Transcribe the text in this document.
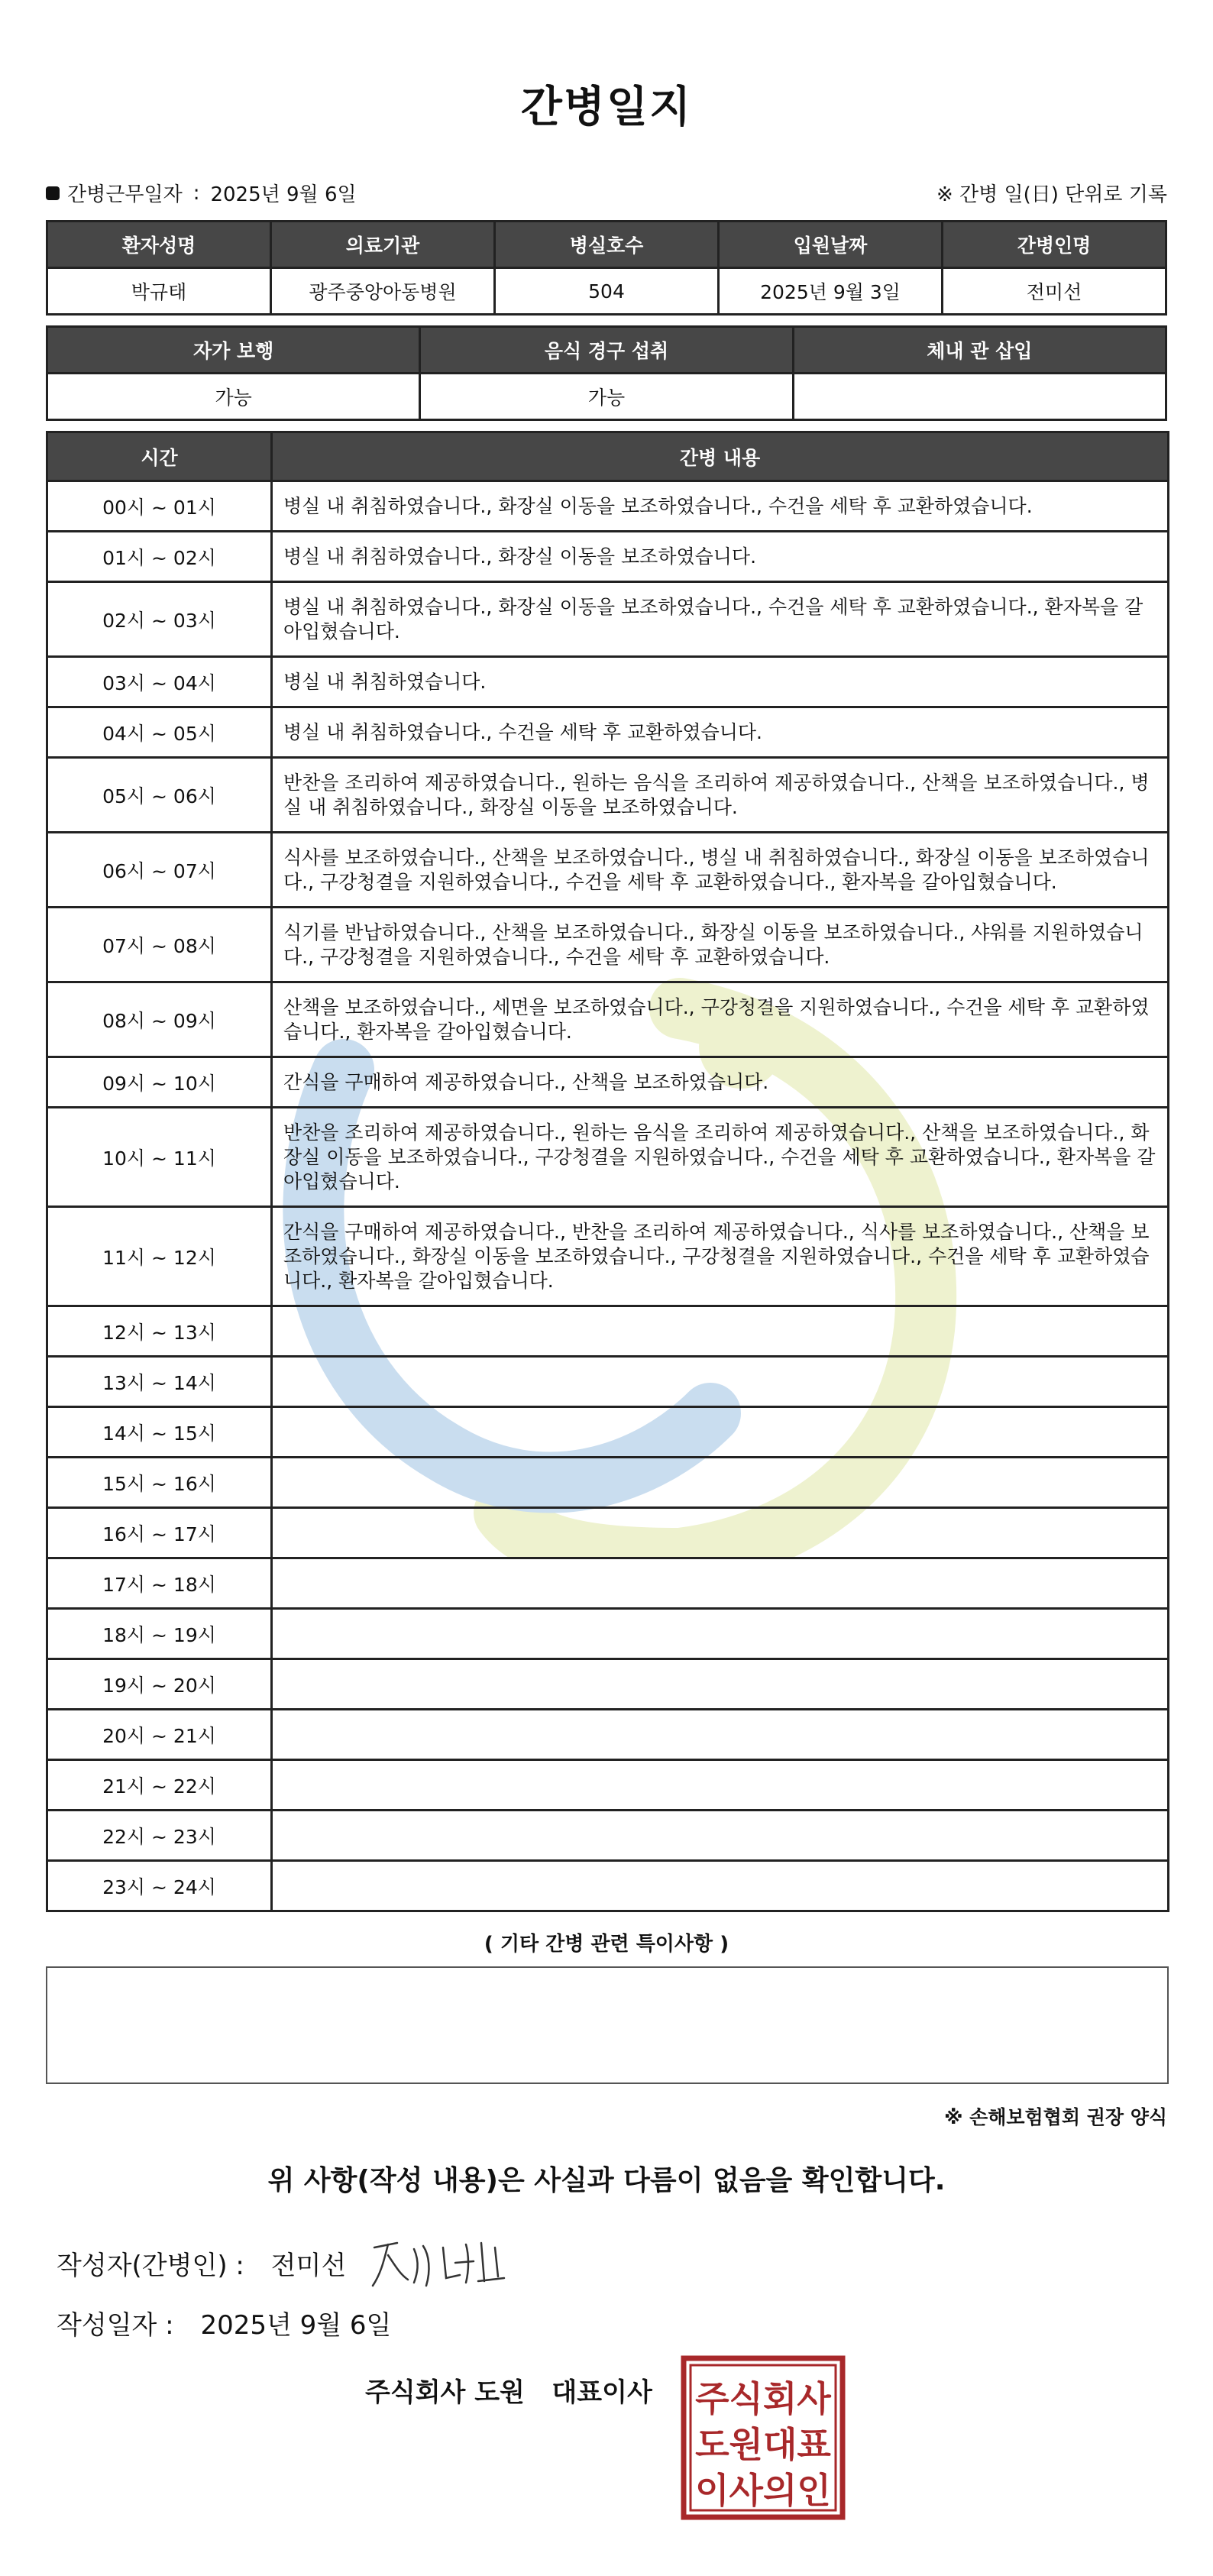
간병일지
간병근무일자 : 2025년 9월 6일	※ 간병 일(日) 단위로 기록
환자성명	의료기관	병실호수	입원날짜	간병인명
박규태	광주중앙아동병원	504	2025년 9월 3일	전미선
자가 보행	음식 경구 섭취	체내 관 삽입
가능	가능	
시간	간병 내용
00시 ~ 01시	병실 내 취침하였습니다., 화장실 이동을 보조하였습니다., 수건을 세탁 후 교환하였습니다.
01시 ~ 02시	병실 내 취침하였습니다., 화장실 이동을 보조하였습니다.
02시 ~ 03시	병실 내 취침하였습니다., 화장실 이동을 보조하였습니다., 수건을 세탁 후 교환하였습니다., 환자복을 갈아입혔습니다.
03시 ~ 04시	병실 내 취침하였습니다.
04시 ~ 05시	병실 내 취침하였습니다., 수건을 세탁 후 교환하였습니다.
05시 ~ 06시	반찬을 조리하여 제공하였습니다., 원하는 음식을 조리하여 제공하였습니다., 산책을 보조하였습니다., 병실 내 취침하였습니다., 화장실 이동을 보조하였습니다.
06시 ~ 07시	식사를 보조하였습니다., 산책을 보조하였습니다., 병실 내 취침하였습니다., 화장실 이동을 보조하였습니다., 구강청결을 지원하였습니다., 수건을 세탁 후 교환하였습니다., 환자복을 갈아입혔습니다.
07시 ~ 08시	식기를 반납하였습니다., 산책을 보조하였습니다., 화장실 이동을 보조하였습니다., 샤워를 지원하였습니다., 구강청결을 지원하였습니다., 수건을 세탁 후 교환하였습니다.
08시 ~ 09시	산책을 보조하였습니다., 세면을 보조하였습니다., 구강청결을 지원하였습니다., 수건을 세탁 후 교환하였습니다., 환자복을 갈아입혔습니다.
09시 ~ 10시	간식을 구매하여 제공하였습니다., 산책을 보조하였습니다.
10시 ~ 11시	반찬을 조리하여 제공하였습니다., 원하는 음식을 조리하여 제공하였습니다., 산책을 보조하였습니다., 화장실 이동을 보조하였습니다., 구강청결을 지원하였습니다., 수건을 세탁 후 교환하였습니다., 환자복을 갈아입혔습니다.
11시 ~ 12시	간식을 구매하여 제공하였습니다., 반찬을 조리하여 제공하였습니다., 식사를 보조하였습니다., 산책을 보조하였습니다., 화장실 이동을 보조하였습니다., 구강청결을 지원하였습니다., 수건을 세탁 후 교환하였습니다., 환자복을 갈아입혔습니다.
12시 ~ 13시	
13시 ~ 14시	
14시 ~ 15시	
15시 ~ 16시	
16시 ~ 17시	
17시 ~ 18시	
18시 ~ 19시	
19시 ~ 20시	
20시 ~ 21시	
21시 ~ 22시	
22시 ~ 23시	
23시 ~ 24시	
( 기타 간병 관련 특이사항 )
※ 손해보험협회 권장 양식
위 사항(작성 내용)은 사실과 다름이 없음을 확인합니다.
작성자(간병인) : 전미선
작성일자 : 2025년 9월 6일
주식회사 도원   대표이사 주식회사
도원대표
이사의인
